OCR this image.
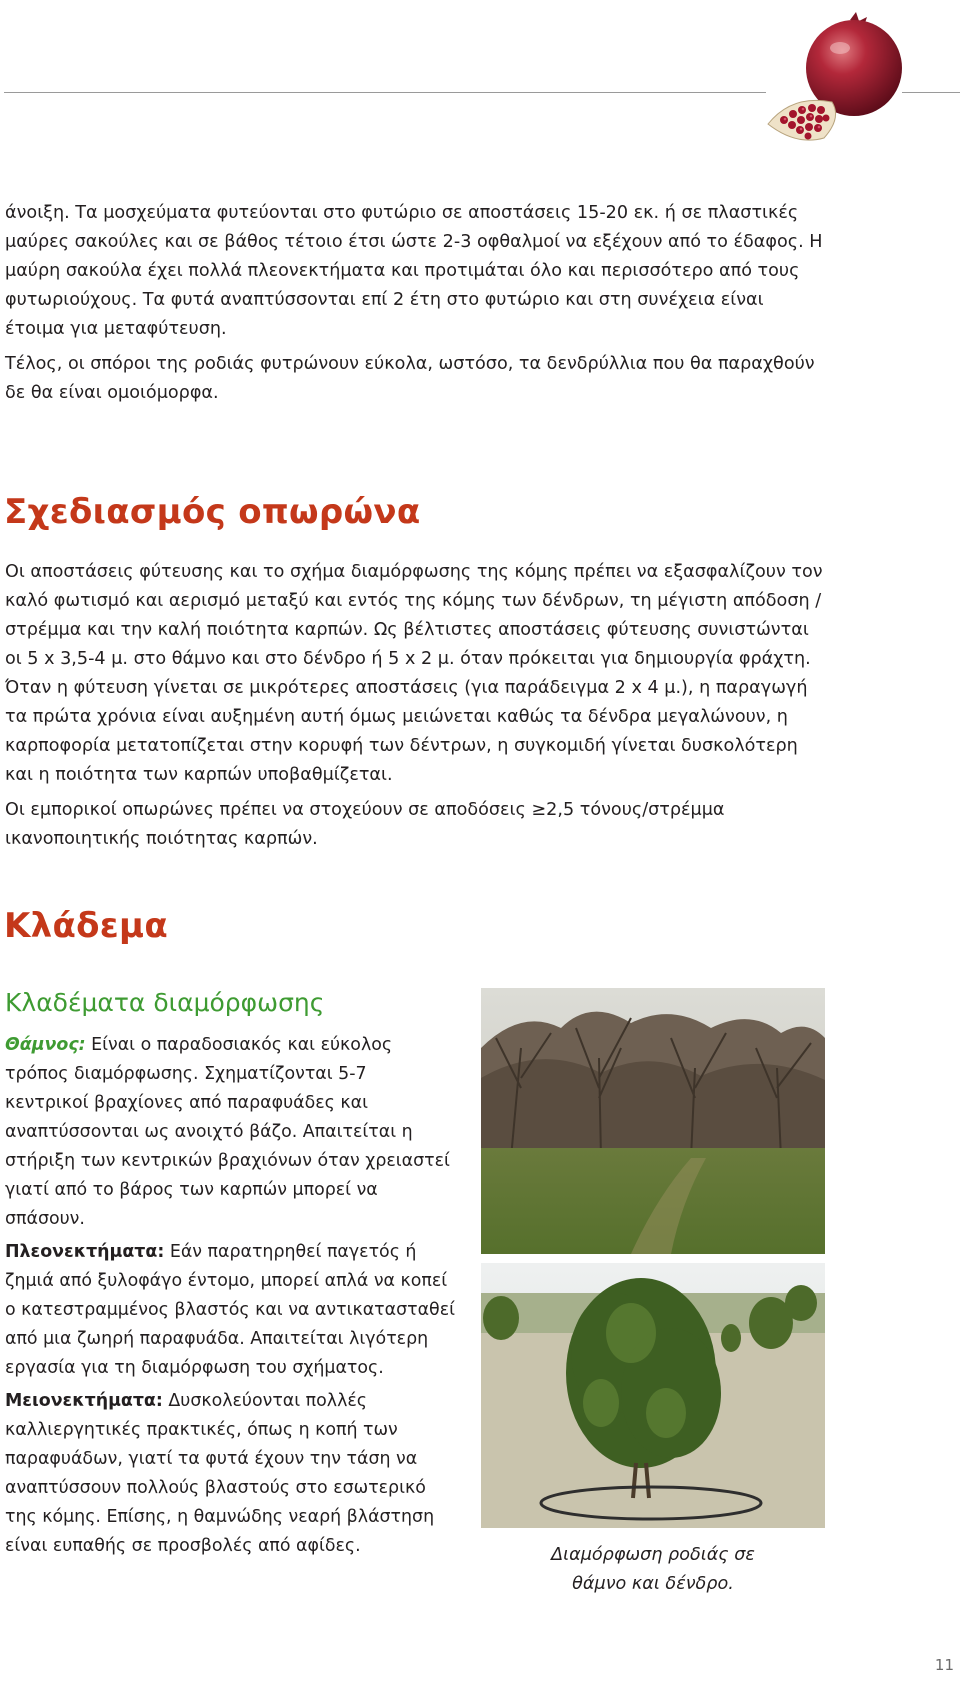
άνοιξη. Τα μοσχεύματα φυτεύονται στο φυτώριο σε αποστάσεις 15-20 εκ. ή σε πλαστικές μαύρες σακούλες και σε βάθος τέτοιο έτσι ώστε 2-3 οφθαλμοί να εξέχουν από το έδαφος. Η μαύρη σακούλα έχει πολλά πλεονεκτήματα και προτιμάται όλο και περισσότερο από τους φυτωριούχους. Τα φυτά αναπτύσσονται επί 2 έτη στο φυτώριο και στη συνέχεια είναι έτοιμα για μεταφύτευση.

Τέλος, οι σπόροι της ροδιάς φυτρώνουν εύκολα, ωστόσο, τα δενδρύλλια που θα παραχθούν δε θα είναι ομοιόμορφα.

Σχεδιασμός οπωρώνα

Οι αποστάσεις φύτευσης και το σχήμα διαμόρφωσης της κόμης πρέπει να εξασφαλίζουν τον καλό φωτισμό και αερισμό μεταξύ και εντός της κόμης των δένδρων, τη μέγιστη απόδοση / στρέμμα και την καλή ποιότητα καρπών. Ως βέλτιστες αποστάσεις φύτευσης συνιστώνται οι 5 x 3,5-4 μ. στο θάμνο και στο δένδρο ή 5 x 2 μ. όταν πρόκειται για δημιουργία φράχτη. Όταν η φύτευση γίνεται σε μικρότερες αποστάσεις (για παράδειγμα 2 x 4 μ.), η παραγωγή τα πρώτα χρόνια είναι αυξημένη αυτή όμως μειώνεται καθώς τα δένδρα μεγαλώνουν, η καρποφορία μετατοπίζεται στην κορυφή των δέντρων, η συγκομιδή γίνεται δυσκολότερη και η ποιότητα των καρπών υποβαθμίζεται.

Οι εμπορικοί οπωρώνες πρέπει να στοχεύουν σε αποδόσεις ≥2,5 τόνους/στρέμμα ικανοποιητικής ποιότητας καρπών.

Κλάδεμα
Κλαδέματα διαμόρφωσης

Θάμνος: Είναι ο παραδοσιακός και εύκολος τρόπος διαμόρφωσης. Σχηματίζονται 5-7 κεντρικοί βραχίονες από παραφυάδες και αναπτύσσονται ως ανοιχτό βάζο. Απαιτείται η στήριξη των κεντρικών βραχιόνων όταν χρειαστεί γιατί από το βάρος των καρπών μπορεί να σπάσουν.

Πλεονεκτήματα: Εάν παρατηρηθεί παγετός ή ζημιά από ξυλοφάγο έντομο, μπορεί απλά να κοπεί ο κατεστραμμένος βλαστός και να αντικατασταθεί από μια ζωηρή παραφυάδα. Απαιτείται λιγότερη εργασία για τη διαμόρφωση του σχήματος.

Μειονεκτήματα: Δυσκολεύονται πολλές καλλιεργητικές πρακτικές, όπως η κοπή των παραφυάδων, γιατί τα φυτά έχουν την τάση να αναπτύσσουν πολλούς βλαστούς στο εσωτερικό της κόμης. Επίσης, η θαμνώδης νεαρή βλάστηση είναι ευπαθής σε προσβολές από αφίδες.	Διαμόρφωση ροδιάς σε
θάμνο και δένδρο.
11
